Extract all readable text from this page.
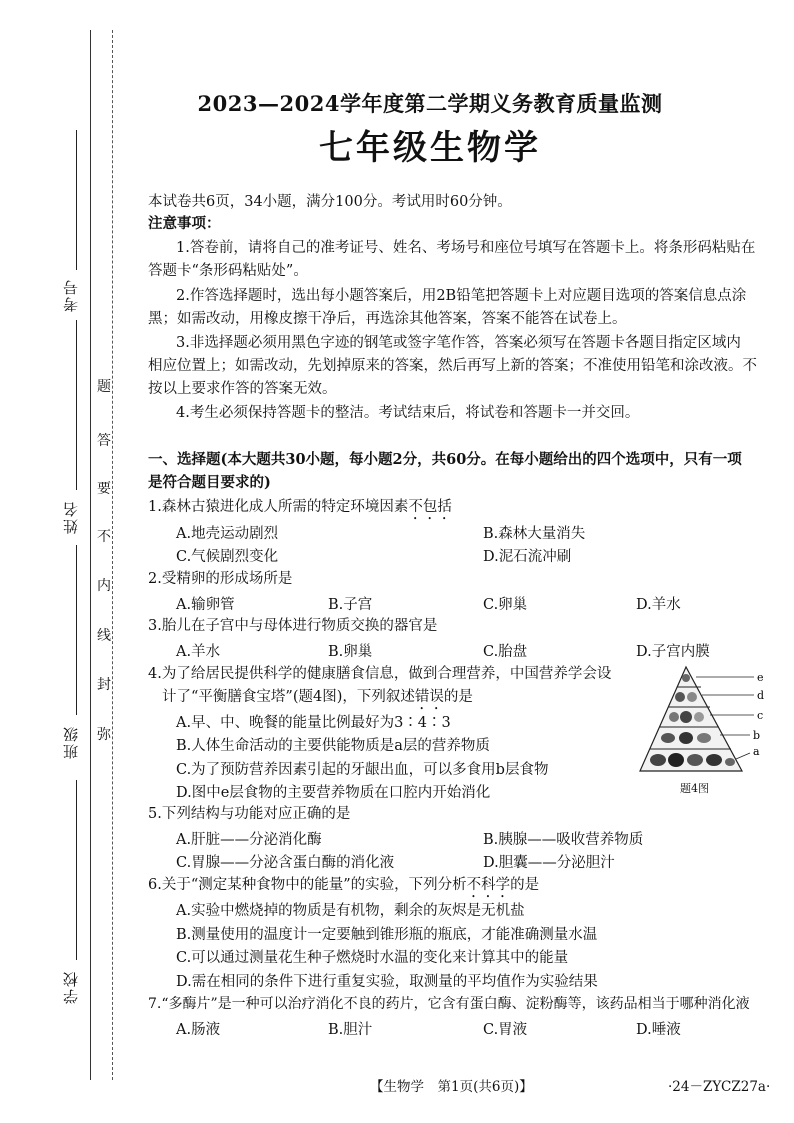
考号
姓名
班级
学校
题
答
要
不
内
线
封
弥
2023—2024学年度第二学期义务教育质量监测
七年级生物学
本试卷共6页，34小题，满分100分。考试用时60分钟。
注意事项：
1.答卷前，请将自己的准考证号、姓名、考场号和座位号填写在答题卡上。将条形码粘贴在
答题卡“条形码粘贴处”。
2.作答选择题时，选出每小题答案后，用2B铅笔把答题卡上对应题目选项的答案信息点涂
黑；如需改动，用橡皮擦干净后，再选涂其他答案，答案不能答在试卷上。
3.非选择题必须用黑色字迹的钢笔或签字笔作答，答案必须写在答题卡各题目指定区域内
相应位置上；如需改动，先划掉原来的答案，然后再写上新的答案；不准使用铅笔和涂改液。不
按以上要求作答的答案无效。
4.考生必须保持答题卡的整洁。考试结束后，将试卷和答题卡一并交回。
一、选择题(本大题共30小题，每小题2分，共60分。在每小题给出的四个选项中，只有一项
是符合题目要求的)
1.森林古猿进化成人所需的特定环境因素不包括
A.地壳运动剧烈	B.森林大量消失
C.气候剧烈变化	D.泥石流冲刷
2.受精卵的形成场所是
A.输卵管	B.子宫	C.卵巢	D.羊水
3.胎儿在子宫中与母体进行物质交换的器官是
A.羊水	B.卵巢	C.胎盘	D.子宫内膜
4.为了给居民提供科学的健康膳食信息，做到合理营养，中国营养学会设
计了“平衡膳食宝塔”(题4图)，下列叙述错误的是
A.早、中、晚餐的能量比例最好为3∶4∶3
B.人体生命活动的主要供能物质是a层的营养物质
C.为了预防营养因素引起的牙龈出血，可以多食用b层食物
D.图中e层食物的主要营养物质在口腔内开始消化
e
d
c
b
a
题4图
5.下列结构与功能对应正确的是
A.肝脏——分泌消化酶	B.胰腺——吸收营养物质
C.胃腺——分泌含蛋白酶的消化液	D.胆囊——分泌胆汁
6.关于“测定某种食物中的能量”的实验，下列分析不科学的是
A.实验中燃烧掉的物质是有机物，剩余的灰烬是无机盐
B.测量使用的温度计一定要触到锥形瓶的瓶底，才能准确测量水温
C.可以通过测量花生种子燃烧时水温的变化来计算其中的能量
D.需在相同的条件下进行重复实验，取测量的平均值作为实验结果
7.“多酶片”是一种可以治疗消化不良的药片，它含有蛋白酶、淀粉酶等，该药品相当于哪种消化液
A.肠液	B.胆汁	C.胃液	D.唾液
【生物学　第1页(共6页)】	·24－ZYCZ27a·
